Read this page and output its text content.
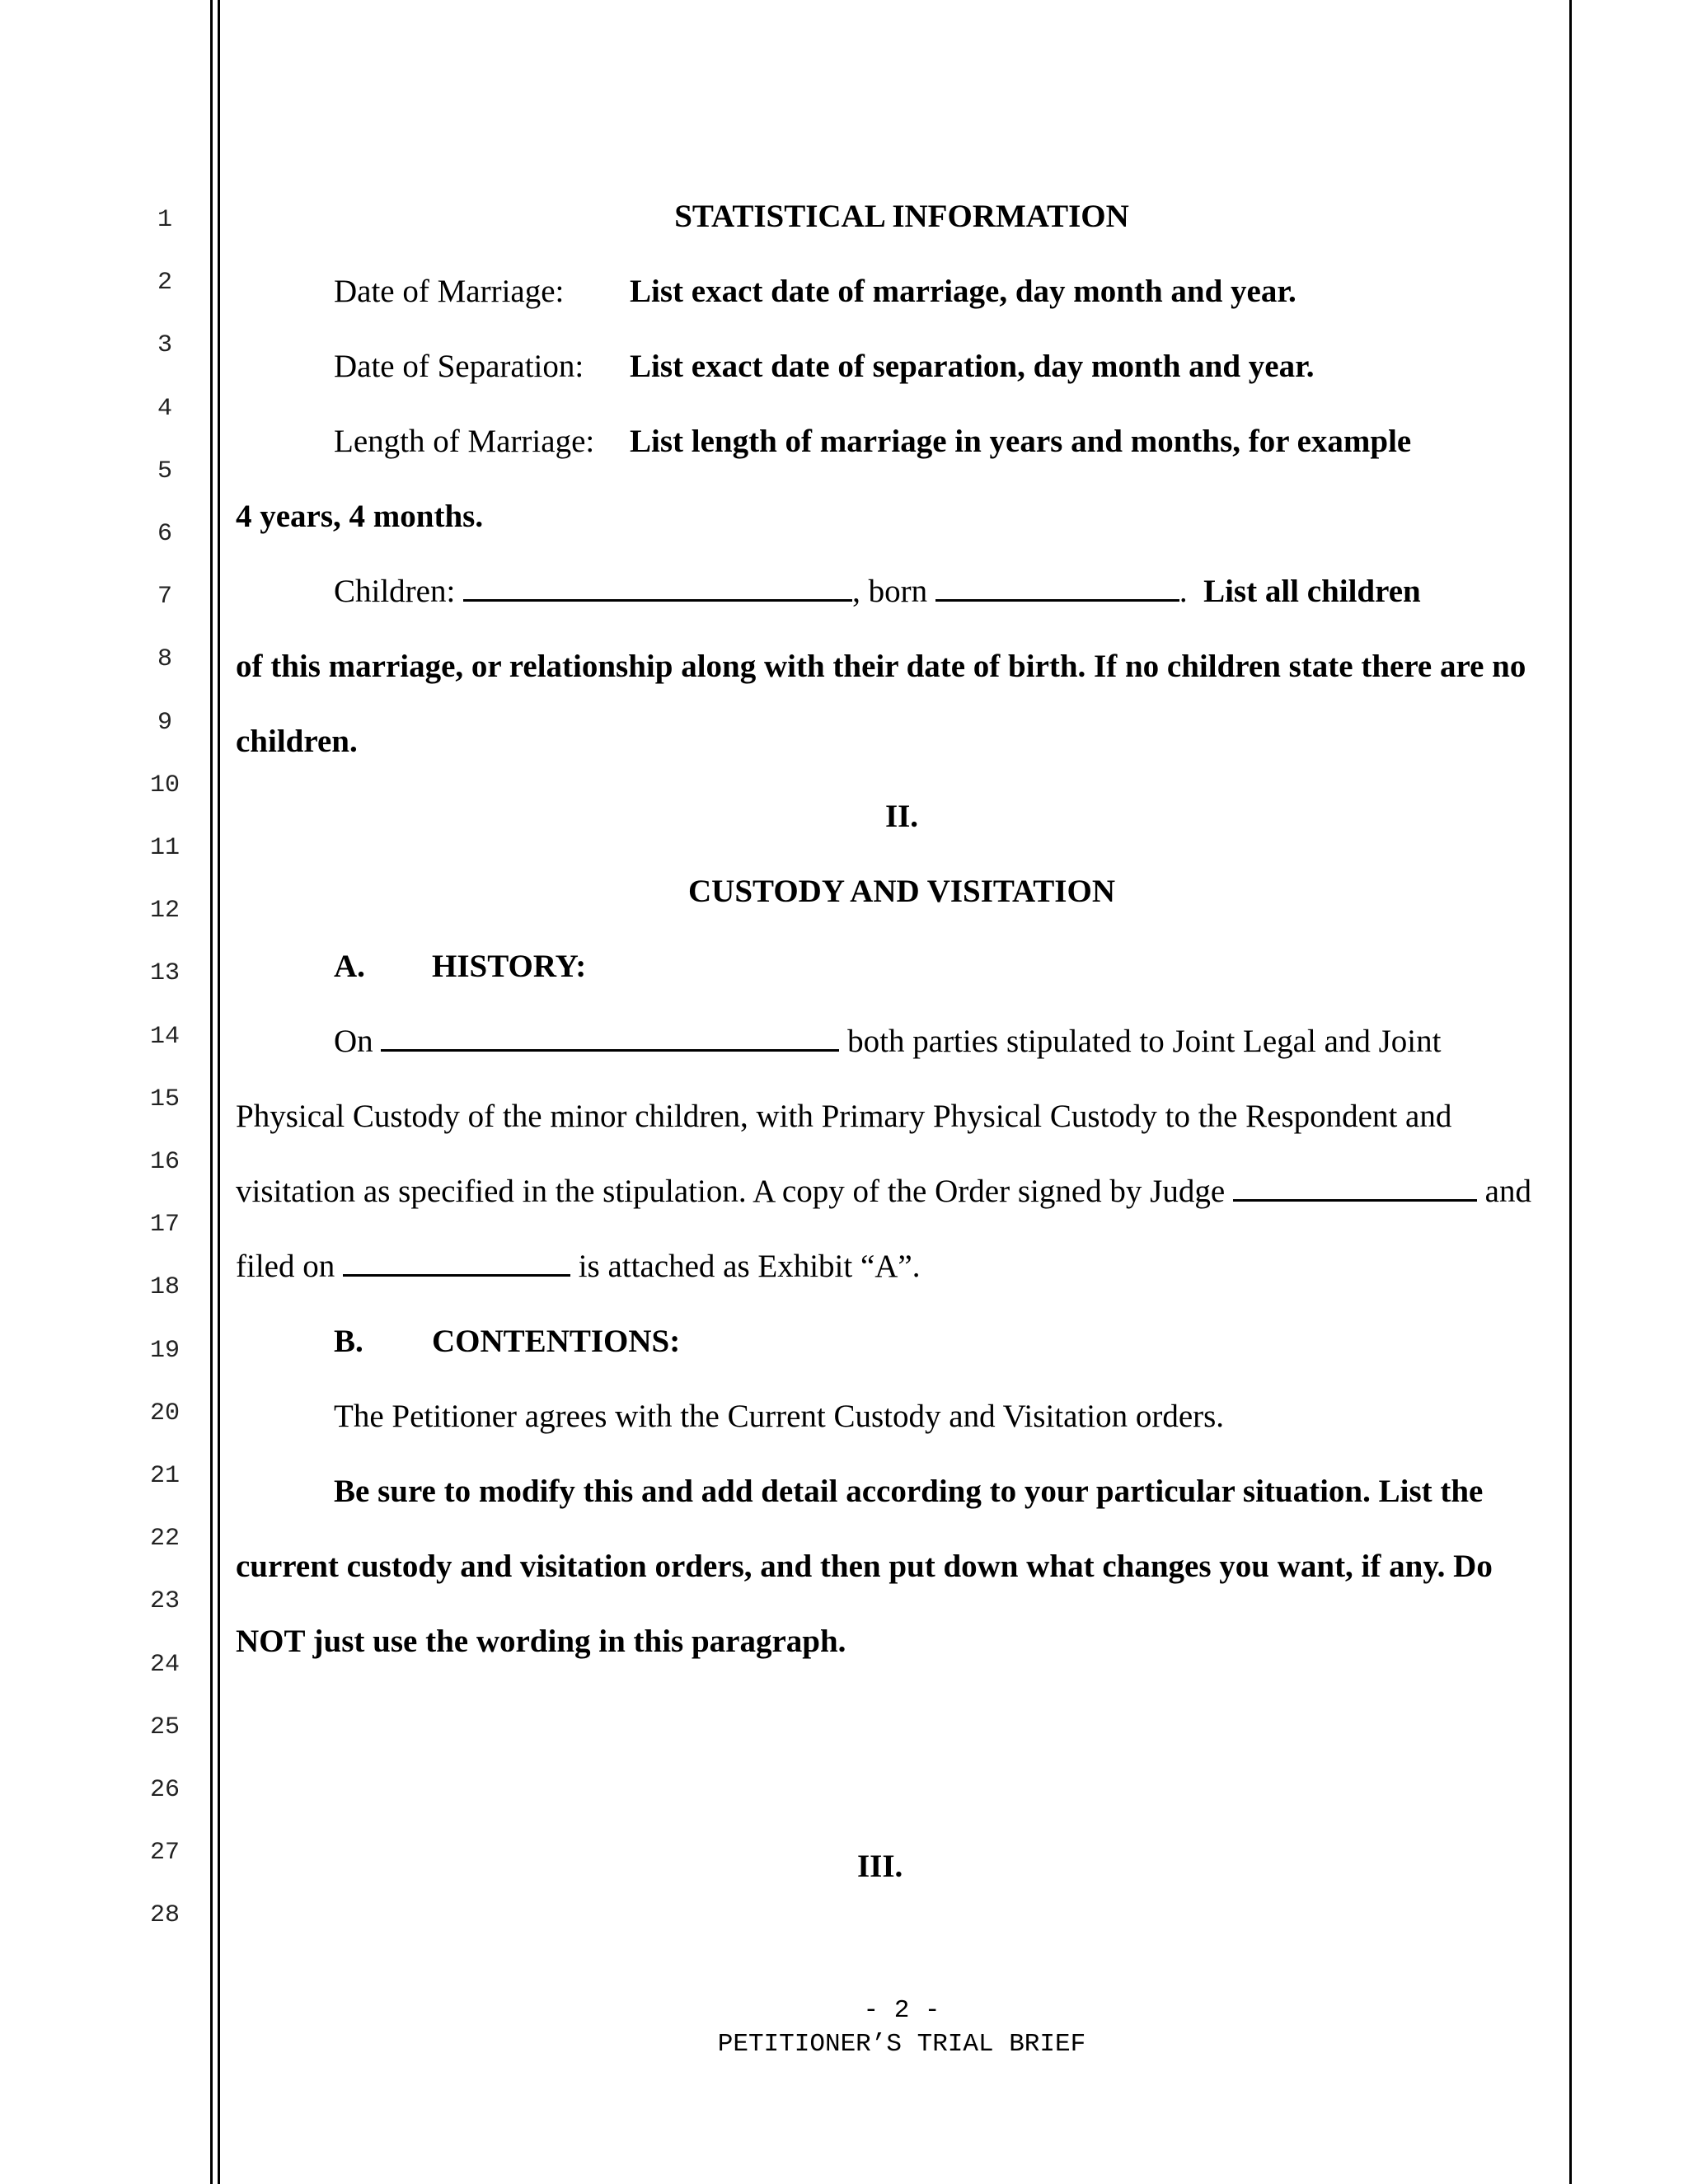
1
2
3
4
5
6
7
8
9
10
11
12
13
14
15
16
17
18
19
20
21
22
23
24
25
26
27
28
STATISTICAL INFORMATION
Date of Marriage: List exact date of marriage, day month and year.
Date of Separation: List exact date of separation, day month and year.
Length of Marriage: List length of marriage in years and months, for example
4 years, 4 months.
Children:	, born	. List all children
of this marriage, or relationship along with their date of birth. If no children state there are no
children.
II.
CUSTODY AND VISITATION
A. HISTORY:
On	both parties stipulated to Joint Legal and Joint
Physical Custody of the minor children, with Primary Physical Custody to the Respondent and
visitation as specified in the stipulation. A copy of the Order signed by Judge	and
filed on	is attached as Exhibit “A”.
B. CONTENTIONS:
The Petitioner agrees with the Current Custody and Visitation orders.
Be sure to modify this and add detail according to your particular situation. List the
current custody and visitation orders, and then put down what changes you want, if any. Do
NOT just use the wording in this paragraph.
III.
- 2 -
PETITIONER’S TRIAL BRIEF
